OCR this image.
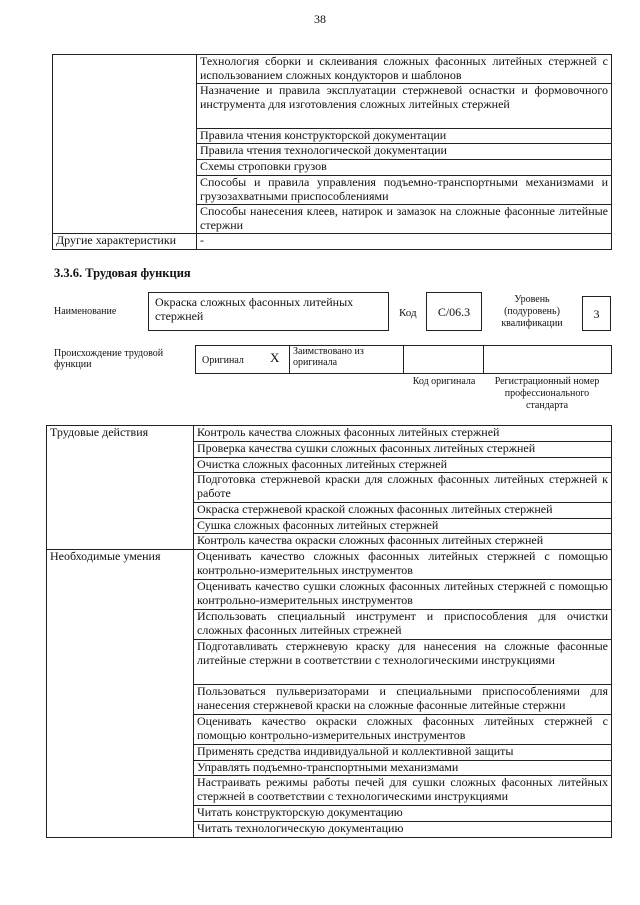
38
	Технология сборки и склеивания сложных фасонных литейных стержней с использованием сложных кондукторов и шаблонов
	Назначение и правила эксплуатации стержневой оснастки и формовочного инструмента для изготовления сложных литейных стержней
	Правила чтения конструкторской документации
	Правила чтения технологической документации
	Схемы строповки грузов
	Способы и правила управления подъемно-транспортными механизмами и грузозахватными приспособлениями
	Способы нанесения клеев, натирок и замазок на сложные фасонные литейные стержни
Другие характеристики	-
3.3.6. Трудовая функция
Наименование
Окраска сложных фасонных литейных стержней	Код	C/06.3
Уровень (подуровень) квалификации
3
Происхождение трудовой функции	Оригинал X	Заимствовано из оригинала		
Код оригинала	Регистрационный номер профессионального стандарта
Трудовые действия	Контроль качества сложных фасонных литейных стержней
	Проверка качества сушки сложных фасонных литейных стержней
	Очистка сложных фасонных литейных стержней
	Подготовка стержневой краски для сложных фасонных литейных стержней к работе
	Окраска стержневой краской сложных фасонных литейных стержней
	Сушка сложных фасонных литейных стержней
	Контроль качества окраски сложных фасонных литейных стержней
Необходимые умения	Оценивать качество сложных фасонных литейных стержней с помощью контрольно-измерительных инструментов
	Оценивать качество сушки сложных фасонных литейных стержней с помощью контрольно-измерительных инструментов
	Использовать специальный инструмент и приспособления для очистки сложных фасонных литейных стрежней
	Подготавливать стержневую краску для нанесения на сложные фасонные литейные стержни в соответствии с технологическими инструкциями
	Пользоваться пульверизаторами и специальными приспособлениями для нанесения стержневой краски на сложные фасонные литейные стержни
	Оценивать качество окраски сложных фасонных литейных стержней с помощью контрольно-измерительных инструментов
	Применять средства индивидуальной и коллективной защиты
	Управлять подъемно-транспортными механизмами
	Настраивать режимы работы печей для сушки сложных фасонных литейных стержней в соответствии с технологическими инструкциями
	Читать конструкторскую документацию
	Читать технологическую документацию
